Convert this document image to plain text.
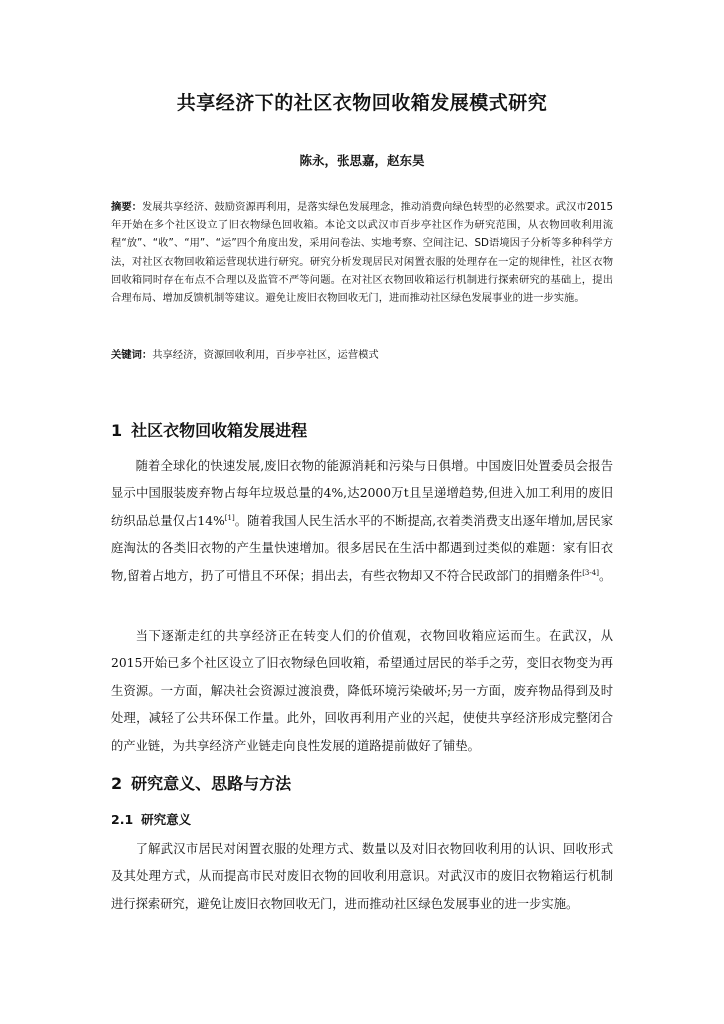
共享经济下的社区衣物回收箱发展模式研究
陈永，张思嘉，赵东昊
摘要：发展共享经济、鼓励资源再利用，是落实绿色发展理念，推动消费向绿色转型的必然要求。武汉市2015年开始在多个社区设立了旧衣物绿色回收箱。本论文以武汉市百步亭社区作为研究范围，从衣物回收利用流程“放”、“收”、“用”、“运”四个角度出发，采用问卷法、实地考察、空间注记、SD语境因子分析等多种科学方法，对社区衣物回收箱运营现状进行研究。研究分析发现居民对闲置衣服的处理存在一定的规律性，社区衣物回收箱同时存在布点不合理以及监管不严等问题。在对社区衣物回收箱运行机制进行探索研究的基础上，提出合理布局、增加反馈机制等建议。避免让废旧衣物回收无门，进而推动社区绿色发展事业的进一步实施。
关键词：共享经济，资源回收利用，百步亭社区，运营模式
1 社区衣物回收箱发展进程

随着全球化的快速发展,废旧衣物的能源消耗和污染与日俱增。中国废旧处置委员会报告显示中国服装废弃物占每年垃圾总量的4%,达2000万t且呈递增趋势,但进入加工利用的废旧纺织品总量仅占14%[1]。随着我国人民生活水平的不断提高,衣着类消费支出逐年增加,居民家庭淘汰的各类旧衣物的产生量快速增加。很多居民在生活中都遇到过类似的难题：家有旧衣物,留着占地方，扔了可惜且不环保；捐出去，有些衣物却又不符合民政部门的捐赠条件[3-4]。

当下逐渐走红的共享经济正在转变人们的价值观，衣物回收箱应运而生。在武汉，从2015开始已多个社区设立了旧衣物绿色回收箱，希望通过居民的举手之劳，变旧衣物变为再生资源。一方面，解决社会资源过渡浪费，降低环境污染破坏;另一方面，废弃物品得到及时处理，减轻了公共环保工作量。此外，回收再利用产业的兴起，使使共享经济形成完整闭合的产业链，为共享经济产业链走向良性发展的道路提前做好了铺垫。

2 研究意义、思路与方法
2.1 研究意义

了解武汉市居民对闲置衣服的处理方式、数量以及对旧衣物回收利用的认识、回收形式及其处理方式，从而提高市民对废旧衣物的回收利用意识。对武汉市的废旧衣物箱运行机制进行探索研究，避免让废旧衣物回收无门，进而推动社区绿色发展事业的进一步实施。
